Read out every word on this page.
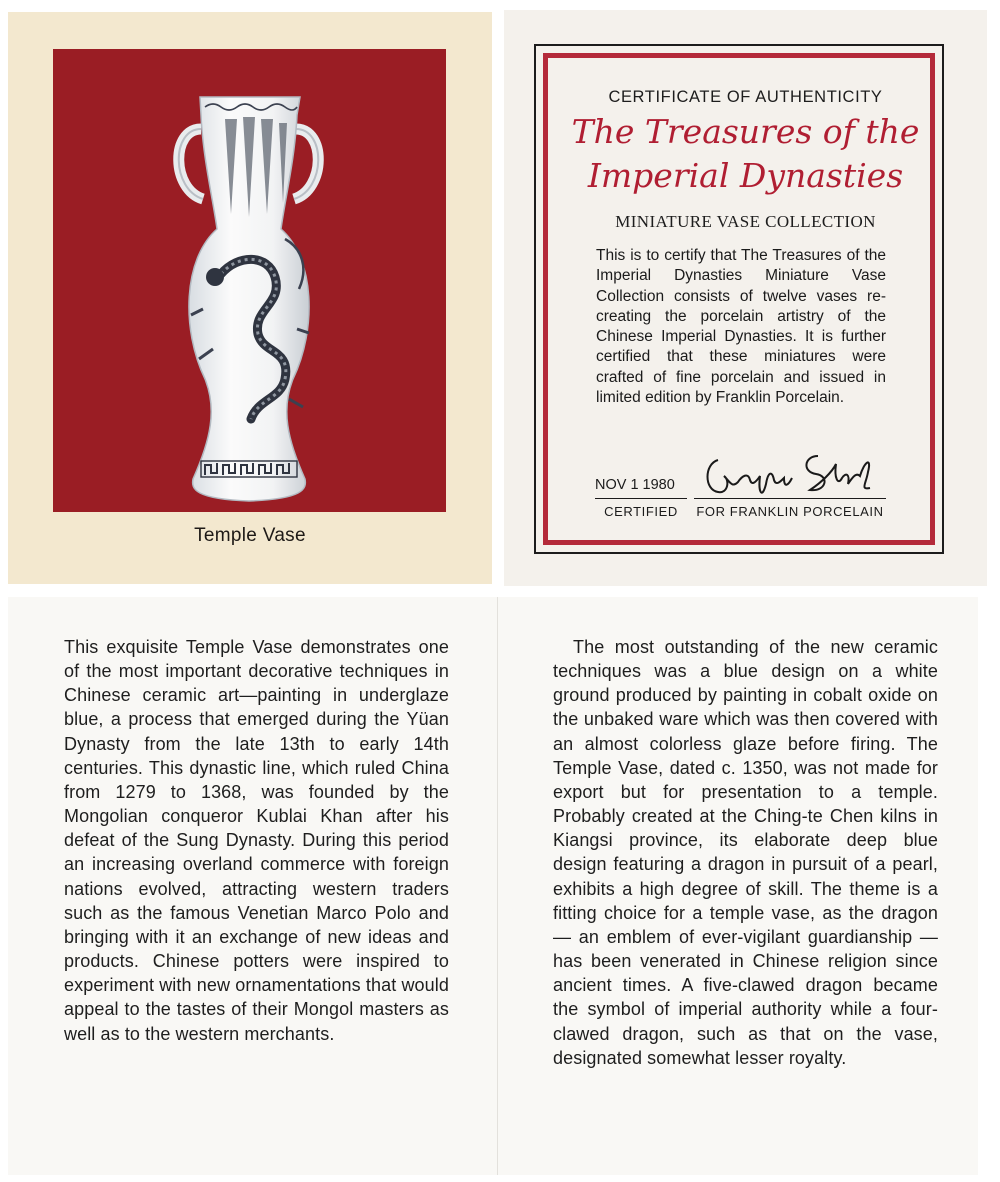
Temple Vase
CERTIFICATE OF AUTHENTICITY
The Treasures of the
Imperial Dynasties
MINIATURE VASE COLLECTION
This is to certify that The Treasures of the Imperial Dynasties Miniature Vase Collection consists of twelve vases re-creating the porcelain artistry of the Chinese Imperial Dynasties. It is further certified that these miniatures were crafted of fine porcelain and issued in limited edition by Franklin Porcelain.
NOV 1 1980
CERTIFIED	FOR FRANKLIN PORCELAIN
This exquisite Temple Vase demonstrates one of the most important decorative techniques in Chinese ceramic art—painting in underglaze blue, a process that emerged during the Yüan Dynasty from the late 13th to early 14th centuries. This dynastic line, which ruled China from 1279 to 1368, was founded by the Mongolian conqueror Kublai Khan after his defeat of the Sung Dynasty. During this period an increasing overland commerce with foreign nations evolved, attracting western traders such as the famous Venetian Marco Polo and bringing with it an exchange of new ideas and products. Chinese potters were inspired to experiment with new ornamentations that would appeal to the tastes of their Mongol masters as well as to the western merchants.
The most outstanding of the new ceramic techniques was a blue design on a white ground produced by painting in cobalt oxide on the unbaked ware which was then covered with an almost colorless glaze before firing. The Temple Vase, dated c. 1350, was not made for export but for presentation to a temple. Probably created at the Ching-te Chen kilns in Kiangsi province, its elaborate deep blue design featuring a dragon in pursuit of a pearl, exhibits a high degree of skill. The theme is a fitting choice for a temple vase, as the dragon — an emblem of ever-vigilant guardianship — has been venerated in Chinese religion since ancient times. A five-clawed dragon became the symbol of imperial authority while a four-clawed dragon, such as that on the vase, designated somewhat lesser royalty.
